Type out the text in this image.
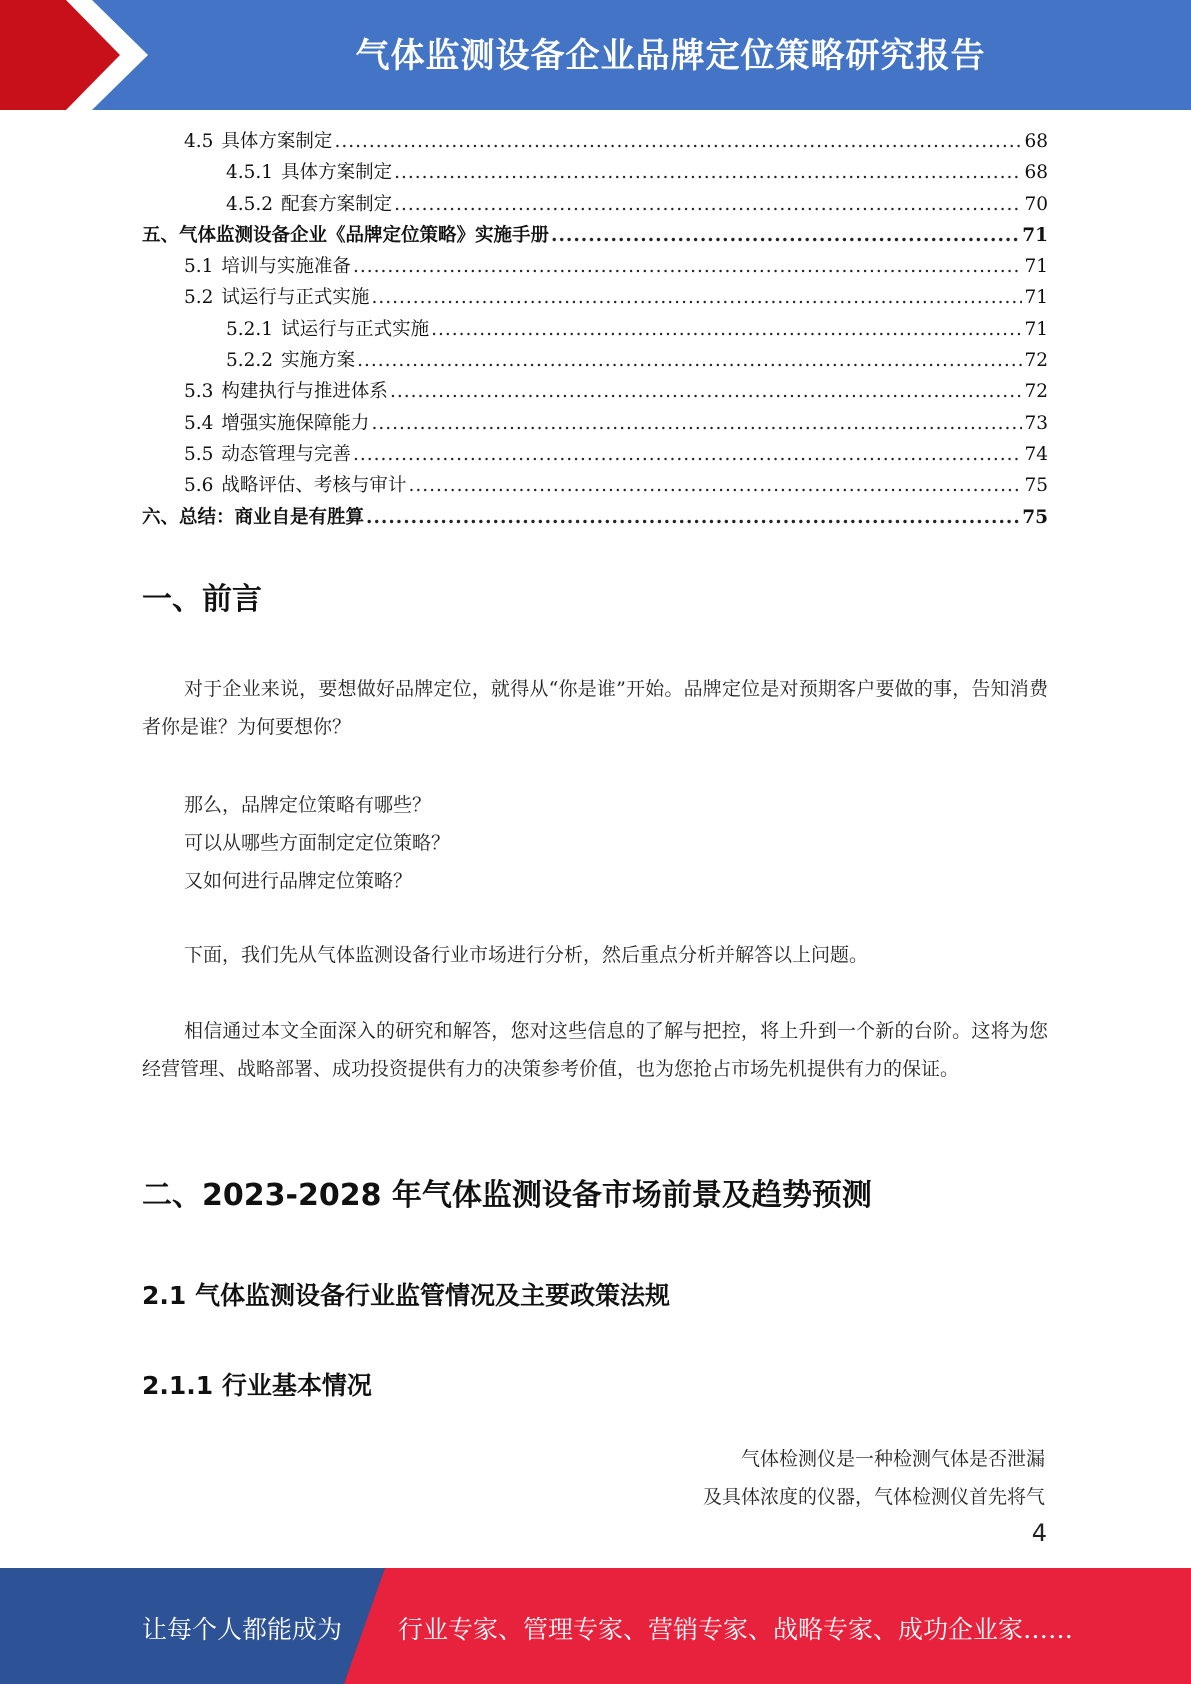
气体监测设备企业品牌定位策略研究报告
4.5 具体方案制定 .....	68
4.5.1 具体方案制定 .....	68
4.5.2 配套方案制定 .....	70
五、气体监测设备企业《品牌定位策略》实施手册 .....	71
5.1 培训与实施准备 .....	71
5.2 试运行与正式实施 .....	71
5.2.1 试运行与正式实施 .....	71
5.2.2 实施方案 .....	72
5.3 构建执行与推进体系 .....	72
5.4 增强实施保障能力 .....	73
5.5 动态管理与完善 .....	74
5.6 战略评估、考核与审计 .....	75
六、总结：商业自是有胜算 .....	75
一、前言
对于企业来说，要想做好品牌定位，就得从“你是谁”开始。品牌定位是对预期客户要做的事，告知消费者你是谁？为何要想你？
那么，品牌定位策略有哪些？
可以从哪些方面制定定位策略？
又如何进行品牌定位策略？
下面，我们先从气体监测设备行业市场进行分析，然后重点分析并解答以上问题。
相信通过本文全面深入的研究和解答，您对这些信息的了解与把控，将上升到一个新的台阶。这将为您经营管理、战略部署、成功投资提供有力的决策参考价值，也为您抢占市场先机提供有力的保证。
二、2023-2028 年气体监测设备市场前景及趋势预测
2.1 气体监测设备行业监管情况及主要政策法规
2.1.1 行业基本情况
气体检测仪是一种检测气体是否泄漏
及具体浓度的仪器，气体检测仪首先将气
4
让每个人都能成为 行业专家、管理专家、营销专家、战略专家、成功企业家……
